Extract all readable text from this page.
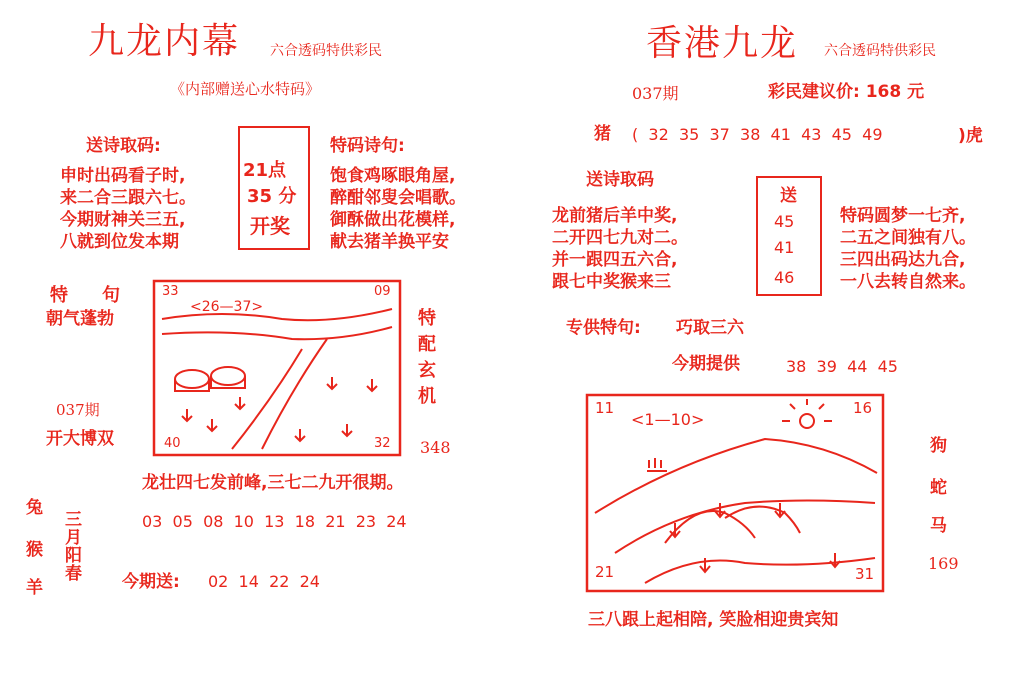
九龙内幕 六合透码特供彩民
《内部赠送心水特码》
送诗取码:
申时出码看子时,
来二合三跟六七。
今期财神关三五,
八就到位发本期
21点
35 分
开奖
特码诗句:
饱食鸡啄眼角屋,
醉酣邻叟会唱歌。
御酥做出花模样,
献去猪羊换平安
特 句
朝气蓬勃
037期
开大博双
33	09
40	32
<26—37>
特配玄机
348
龙壮四七发前峰,三七二九开很期。
兔
猴
羊
三月阳春	03  05  08  10  13  18  21  23  24
今期送: 02  14  22  24
香港九龙 六合透码特供彩民
037期	彩民建议价: 168 元
猪 (  32  35  37  38  41  43  45  49	)虎
送诗取码
龙前猪后羊中奖,
二开四七九对二。
并一跟四五六合,
跟七中奖猴来三
送
45
41
46
特码圆梦一七齐,
二五之间独有八。
三四出码达九合,
一八去转自然来。
专供特句: 巧取三六
今期提供	38  39  44  45
11	16
21	31
<1—10>
狗
蛇
马
169
三八跟上起相陪, 笑脸相迎贵宾知
